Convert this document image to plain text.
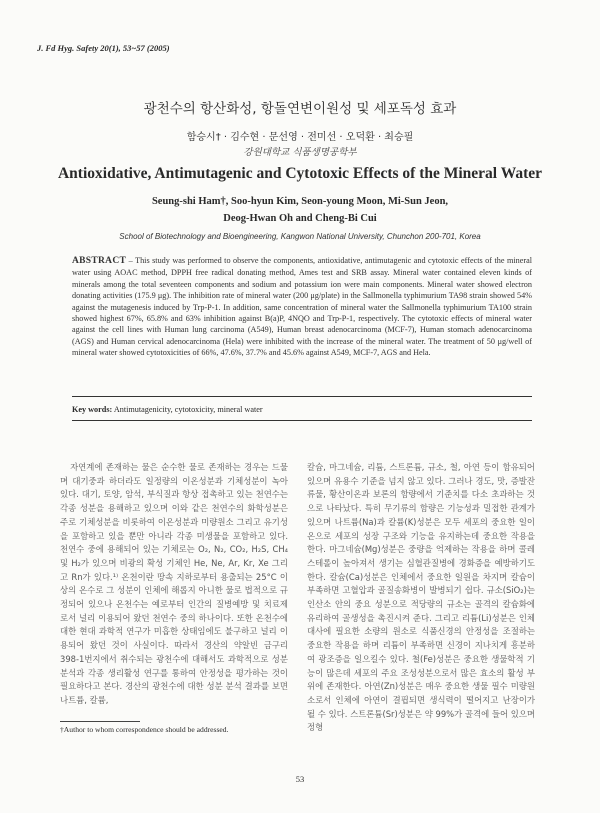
J. Fd Hyg. Safety 20(1), 53~57 (2005)
광천수의 항산화성, 항돌연변이원성 및 세포독성 효과
함승시† · 김수현 · 문선영 · 전미선 · 오덕환 · 최승필
강원대학교 식품생명공학부
Antioxidative, Antimutagenic and Cytotoxic Effects of the Mineral Water
Seung-shi Ham†, Soo-hyun Kim, Seon-young Moon, Mi-Sun Jeon,
Deog-Hwan Oh and Cheng-Bi Cui
School of Biotechnology and Bioengineering, Kangwon National University, Chunchon 200-701, Korea
ABSTRACT – This study was performed to observe the components, antioxidative, antimutagenic and cytotoxic effects of the mineral water using AOAC method, DPPH free radical donating method, Ames test and SRB assay. Mineral water contained eleven kinds of minerals among the total seventeen components and sodium and potassium ion were main components. Mineral water showed electron donating activities (175.9 μg). The inhibition rate of mineral water (200 μg/plate) in the Sallmonella typhimurium TA98 strain showed 54% against the mutagenesis induced by Trp-P-1. In addition, same concentration of mineral water the Sallmonella typhimurium TA100 strain showed highest 67%, 65.8% and 63% inhibition against B(a)P, 4NQO and Trp-P-1, respectively. The cytotoxic effects of mineral water against the cell lines with Human lung carcinoma (A549), Human breast adenocarcinoma (MCF-7), Human stomach adenocarcinoma (AGS) and Human cervical adenocarcinoma (Hela) were inhibited with the increase of the mineral water. The treatment of 50 μg/well of mineral water showed cytotoxicities of 66%, 47.6%, 37.7% and 45.6% against A549, MCF-7, AGS and Hela.
Key words: Antimutagenicity, cytotoxicity, mineral water

자연계에 존재하는 물은 순수한 물로 존재하는 경우는 드물며 대기중과 하더라도 일정량의 이온성분과 기체성분이 녹아 있다. 대기, 토양, 암석, 부식질과 항상 접촉하고 있는 천연수는 각종 성분을 용해하고 있으며 이와 같은 천연수의 화학성분은 주로 기체성분을 비롯하여 이온성분과 미량원소 그리고 유기성을 포함하고 있을 뿐만 아니라 각종 미생물을 포함하고 있다. 천연수 중에 용해되어 있는 기체로는 O₂, N₂, CO₂, H₂S, CH₄ 및 H₂가 있으며 비광의 확성 기체인 He, Ne, Ar, Kr, Xe 그리고 Rn가 있다.¹⁾ 온천이란 땅속 지하로부터 용출되는 25°C 이상의 온수로 그 성분이 인체에 해롭지 아니한 물로 법적으로 규정되어 있으나 온천수는 예로부터 인간의 질병예방 및 치료제로서 널리 이용되어 왔던 천연수 중의 하나이다. 또한 온천수에 대한 현대 과학적 연구가 미흡한 상태임에도 불구하고 널리 이용되어 왔던 것이 사실이다. 따라서 경산의 약알빈 금구리 398-1번지에서 취수되는 광천수에 대해서도 과학적으로 성분분석과 각종 생리활성 연구를 통하여 안정성을 평가하는 것이 필요하다고 본다. 경산의 광천수에 대한 성분 분석 결과를 보면 나트륨, 칼륨,

칼슘, 마그네슘, 리튬, 스트론튬, 규소, 철, 아연 등이 함유되어 있으며 유용수 기준을 넘지 않고 있다. 그러나 경도, 맛, 증발잔류물, 황산이온과 보론의 함량에서 기준치를 다소 초과하는 것으로 나타났다. 특히 무기류의 함량은 기능성과 밀접한 관계가 있으며 나트륨(Na)과 칼륨(K)성분은 모두 세포의 중요한 일이온으로 세포의 성장 구조와 기능을 유지하는데 중요한 작용을 한다. 마그네슘(Mg)성분은 중량을 억제하는 작용을 하며 콜레스테롤이 높아져서 생기는 심혈관질병에 경화증을 예방하기도 한다. 칼슘(Ca)성분은 인체에서 중요한 일원을 차지며 칼슘이 부족하면 고혈압과 골질송화병이 발병되기 쉽다. 규소(SiO₂)는 인산소 안의 중요 성분으로 적당량의 규소는 골격의 칼슘화에 유리하여 골생성을 촉진시켜 준다. 그리고 리튬(Li)성분은 인체대사에 필요한 소량의 원소로 식품신경의 안정성을 조절하는 중요한 작용을 하며 리튬이 부족하면 신경이 지나치게 흥분하여 광조증을 일으킬수 있다. 철(Fe)성분은 중요한 생물학적 기능이 많은데 세포의 주요 조성성분으로서 많은 효소의 활성 부위에 존재한다. 아연(Zn)성분은 매우 중요한 생물 필수 미량원소로서 인체에 아연이 결핍되면 생식력이 떨어지고 난장이가 될 수 있다. 스트론튬(Sr)성분은 약 99%가 골격에 들어 있으며 정형

†Author to whom correspondence should be addressed.
53
